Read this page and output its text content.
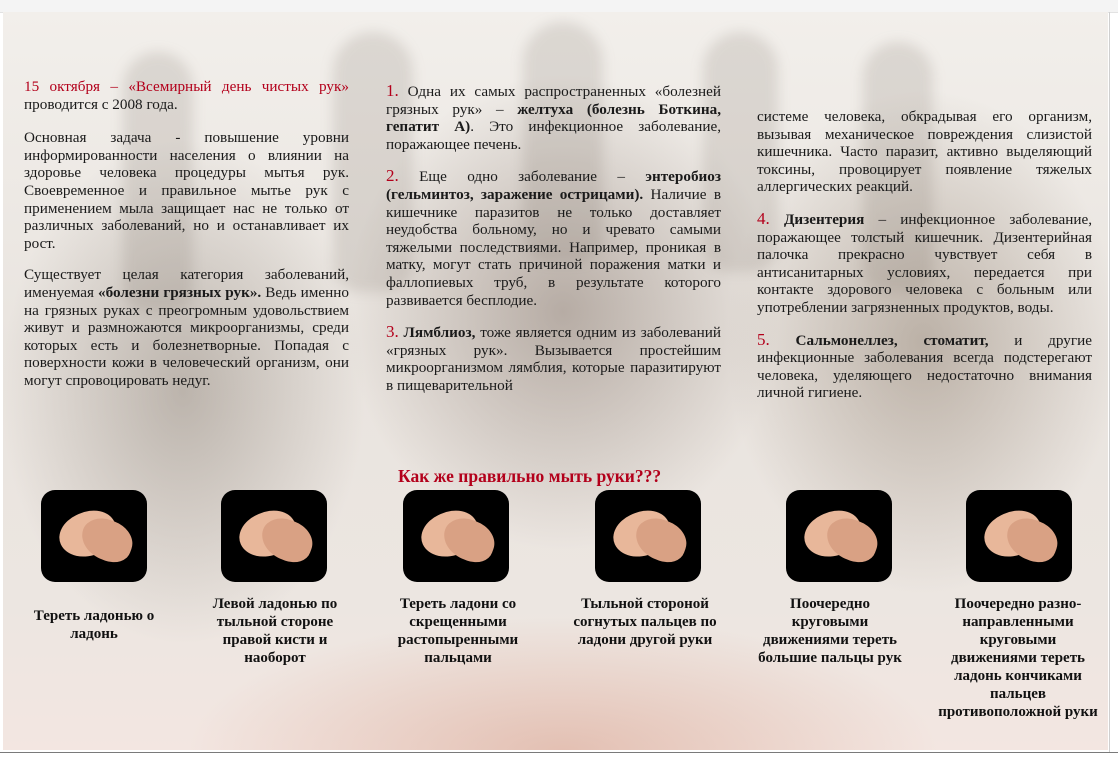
15 октября – «Всемирный день чистых рук» проводится с 2008 года.

Основная задача - повышение уровни информированности населения о влиянии на здоровье человека процедуры мытья рук. Своевременное и правильное мытье рук с применением мыла защищает нас не только от различных заболеваний, но и останавливает их рост.

Существует целая категория заболеваний, именуемая «болезни грязных рук». Ведь именно на грязных руках с преогромным удовольствием живут и размножаются микроорганизмы, среди которых есть и болезнетворные. Попадая с поверхности кожи в человеческий организм, они могут спровоцировать недуг.

1. Одна их самых распространенных «болезней грязных рук» – желтуха (болезнь Боткина, гепатит А). Это инфекционное заболевание, поражающее печень.

2. Еще одно заболевание – энтеробиоз (гельминтоз, заражение острицами). Наличие в кишечнике паразитов не только доставляет неудобства больному, но и чревато самыми тяжелыми последствиями. Например, проникая в матку, могут стать причиной поражения матки и фаллопиевых труб, в результате которого развивается бесплодие.

3. Лямблиоз, тоже является одним из заболеваний «грязных рук». Вызывается простейшим микроорганизмом лямблия, которые паразитируют в пищеварительной

системе человека, обкрадывая его организм, вызывая механическое повреждения слизистой кишечника. Часто паразит, активно выделяющий токсины, провоцирует появление тяжелых аллергических реакций.

4. Дизентерия – инфекционное заболевание, поражающее толстый кишечник. Дизентерийная палочка прекрасно чувствует себя в антисанитарных условиях, передается при контакте здорового человека с больным или употреблении загрязненных продуктов, воды.

5. Сальмонеллез, стоматит, и другие инфекционные заболевания всегда подстерегают человека, уделяющего недостаточно внимания личной гигиене.

Как же правильно мыть руки???
Тереть ладонью о ладонь
Левой ладонью по тыльной стороне правой кисти и наоборот
Тереть ладони со скрещенными растопыренными пальцами
Тыльной стороной согнутых пальцев по ладони другой руки
Поочередно круговыми движениями тереть большие пальцы рук
Поочередно разно-направленными круговыми движениями тереть ладонь кончиками пальцев противоположной руки
